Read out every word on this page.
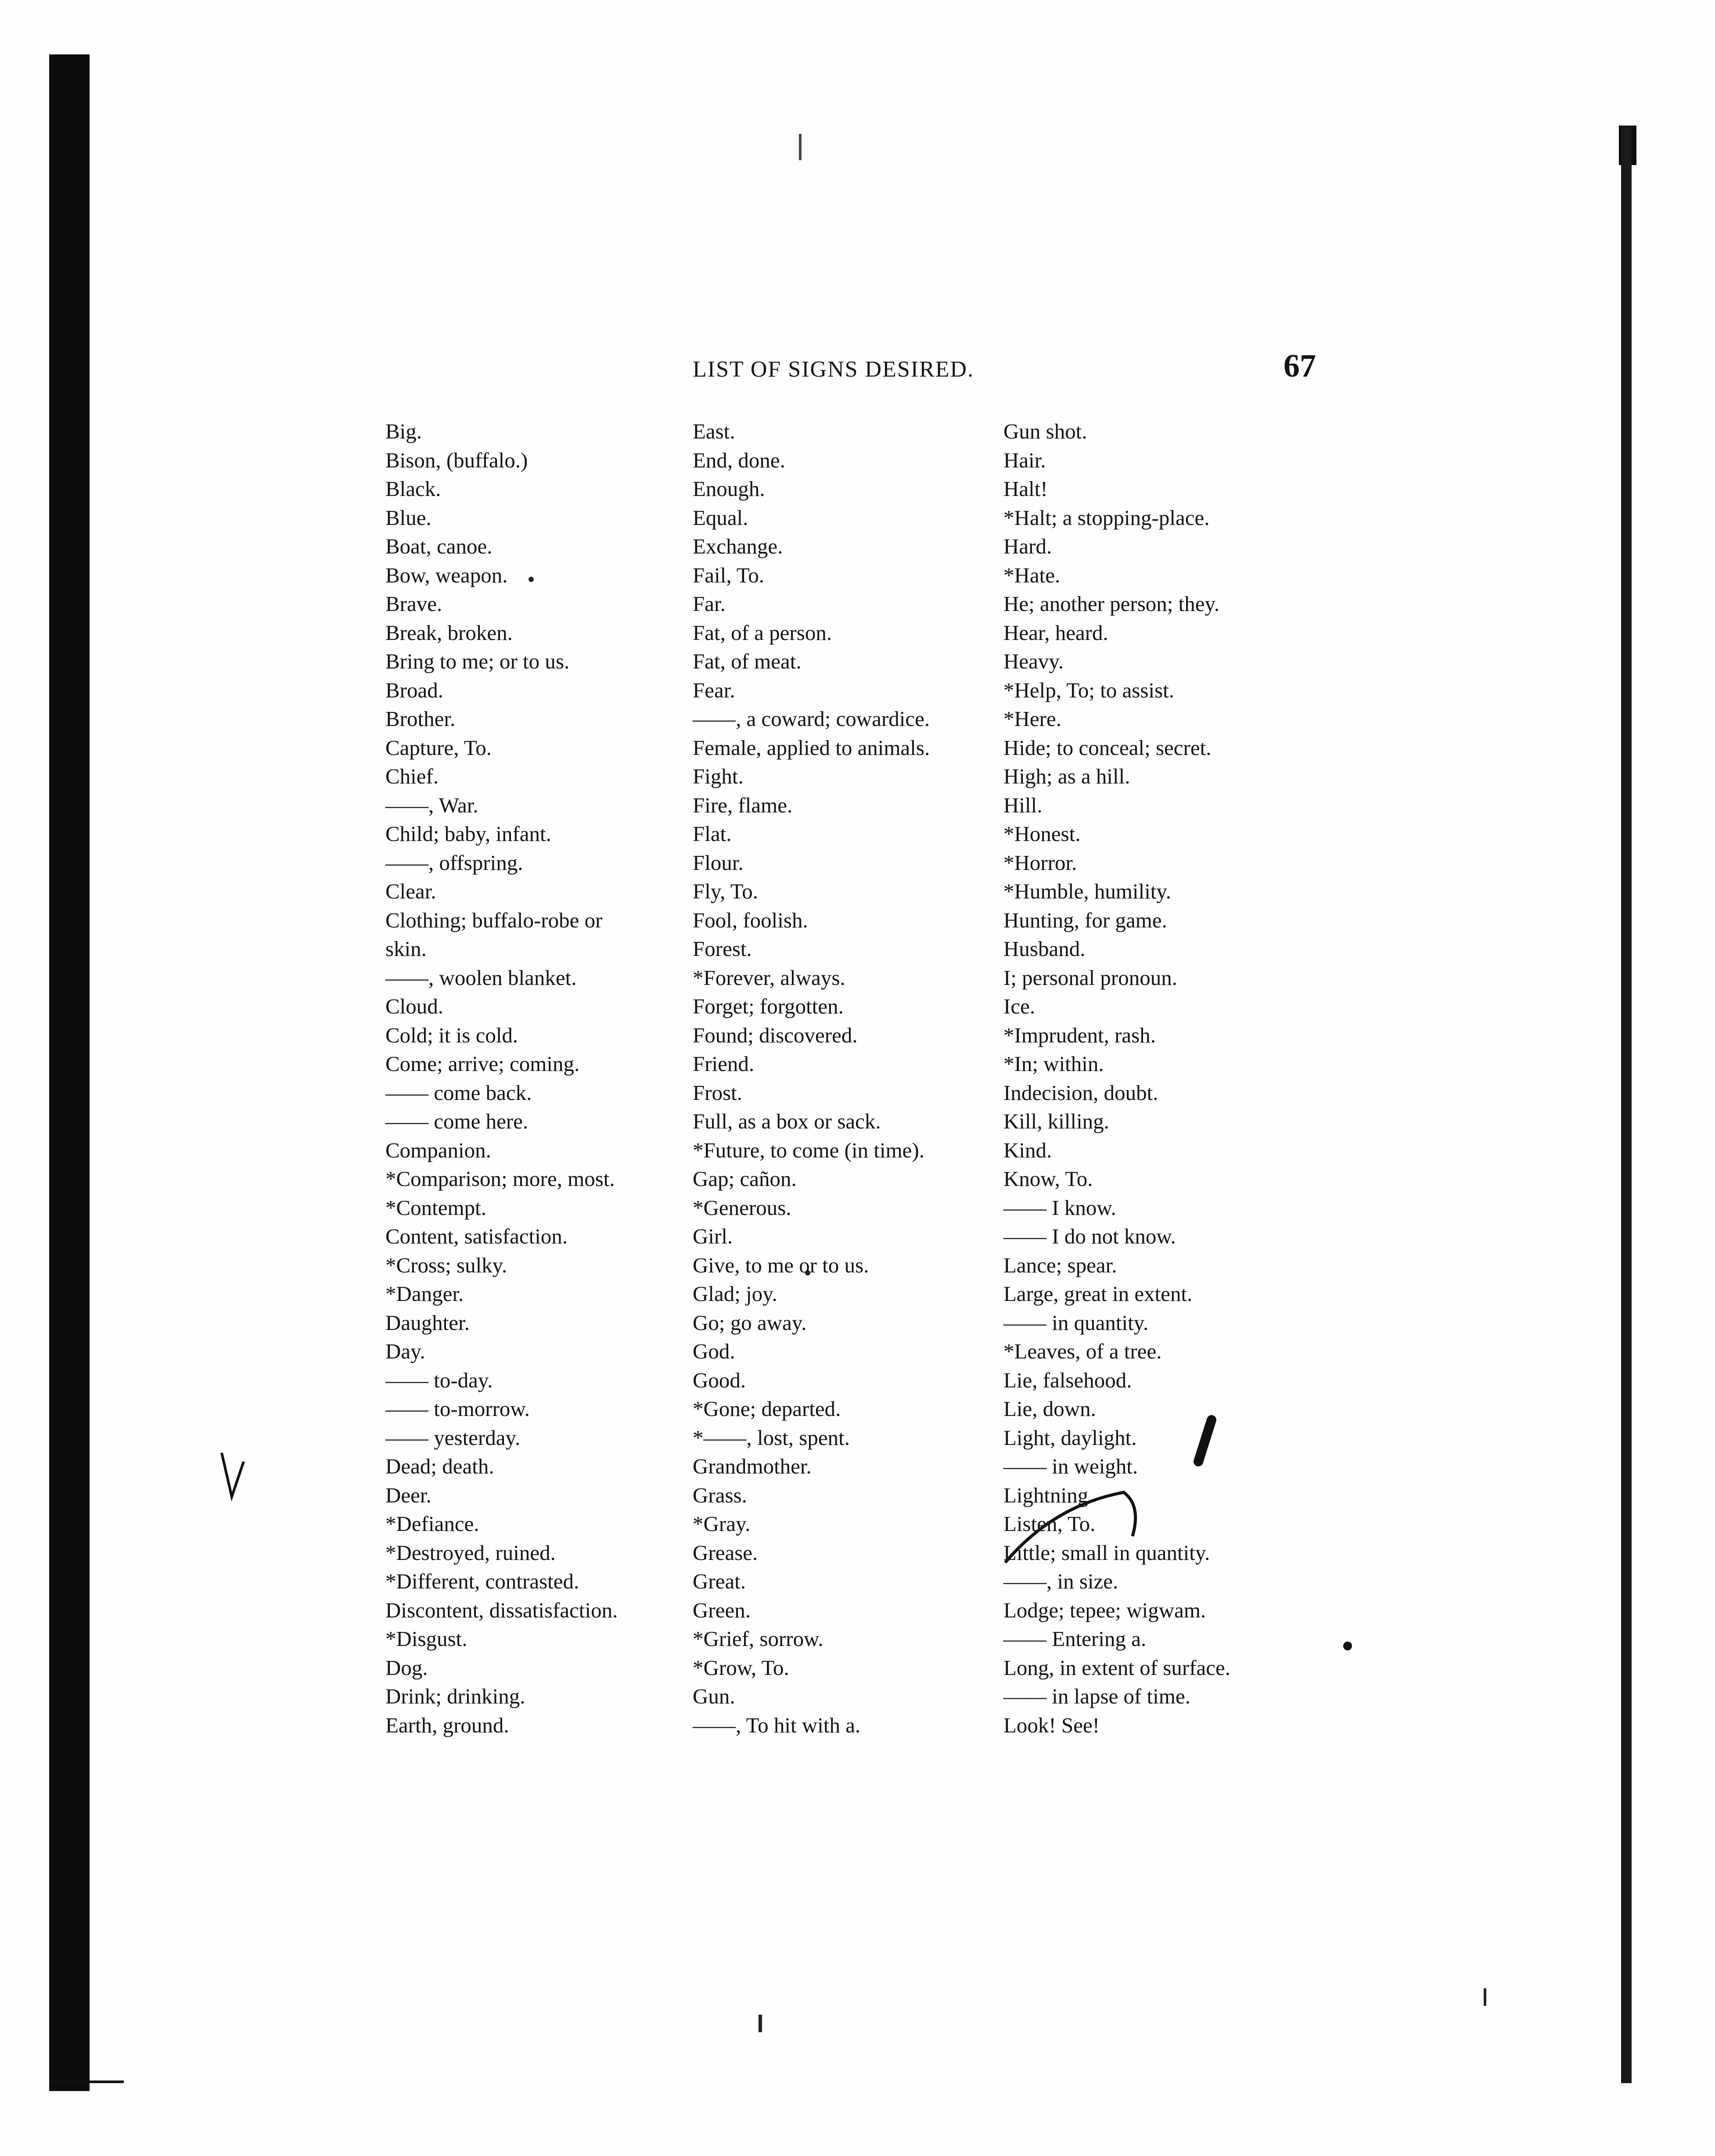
LIST OF SIGNS DESIRED.	67
Big.
Bison, (buffalo.)
Black.
Blue.
Boat, canoe.
Bow, weapon.
Brave.
Break, broken.
Bring to me; or to us.
Broad.
Brother.
Capture, To.
Chief.
——, War.
Child; baby, infant.
——, offspring.
Clear.
Clothing; buffalo-robe or
skin.
——, woolen blanket.
Cloud.
Cold; it is cold.
Come; arrive; coming.
—— come back.
—— come here.
Companion.
*Comparison; more, most.
*Contempt.
Content, satisfaction.
*Cross; sulky.
*Danger.
Daughter.
Day.
—— to-day.
—— to-morrow.
—— yesterday.
Dead; death.
Deer.
*Defiance.
*Destroyed, ruined.
*Different, contrasted.
Discontent, dissatisfaction.
*Disgust.
Dog.
Drink; drinking.
Earth, ground.
East.
End, done.
Enough.
Equal.
Exchange.
Fail, To.
Far.
Fat, of a person.
Fat, of meat.
Fear.
——, a coward; cowardice.
Female, applied to animals.
Fight.
Fire, flame.
Flat.
Flour.
Fly, To.
Fool, foolish.
Forest.
*Forever, always.
Forget; forgotten.
Found; discovered.
Friend.
Frost.
Full, as a box or sack.
*Future, to come (in time).
Gap; cañon.
*Generous.
Girl.
Give, to me or to us.
Glad; joy.
Go; go away.
God.
Good.
*Gone; departed.
*——, lost, spent.
Grandmother.
Grass.
*Gray.
Grease.
Great.
Green.
*Grief, sorrow.
*Grow, To.
Gun.
——, To hit with a.
Gun shot.
Hair.
Halt!
*Halt; a stopping-place.
Hard.
*Hate.
He; another person; they.
Hear, heard.
Heavy.
*Help, To; to assist.
*Here.
Hide; to conceal; secret.
High; as a hill.
Hill.
*Honest.
*Horror.
*Humble, humility.
Hunting, for game.
Husband.
I; personal pronoun.
Ice.
*Imprudent, rash.
*In; within.
Indecision, doubt.
Kill, killing.
Kind.
Know, To.
—— I know.
—— I do not know.
Lance; spear.
Large, great in extent.
—— in quantity.
*Leaves, of a tree.
Lie, falsehood.
Lie, down.
Light, daylight.
—— in weight.
Lightning.
Listen, To.
Little; small in quantity.
——, in size.
Lodge; tepee; wigwam.
—— Entering a.
Long, in extent of surface.
—— in lapse of time.
Look! See!
